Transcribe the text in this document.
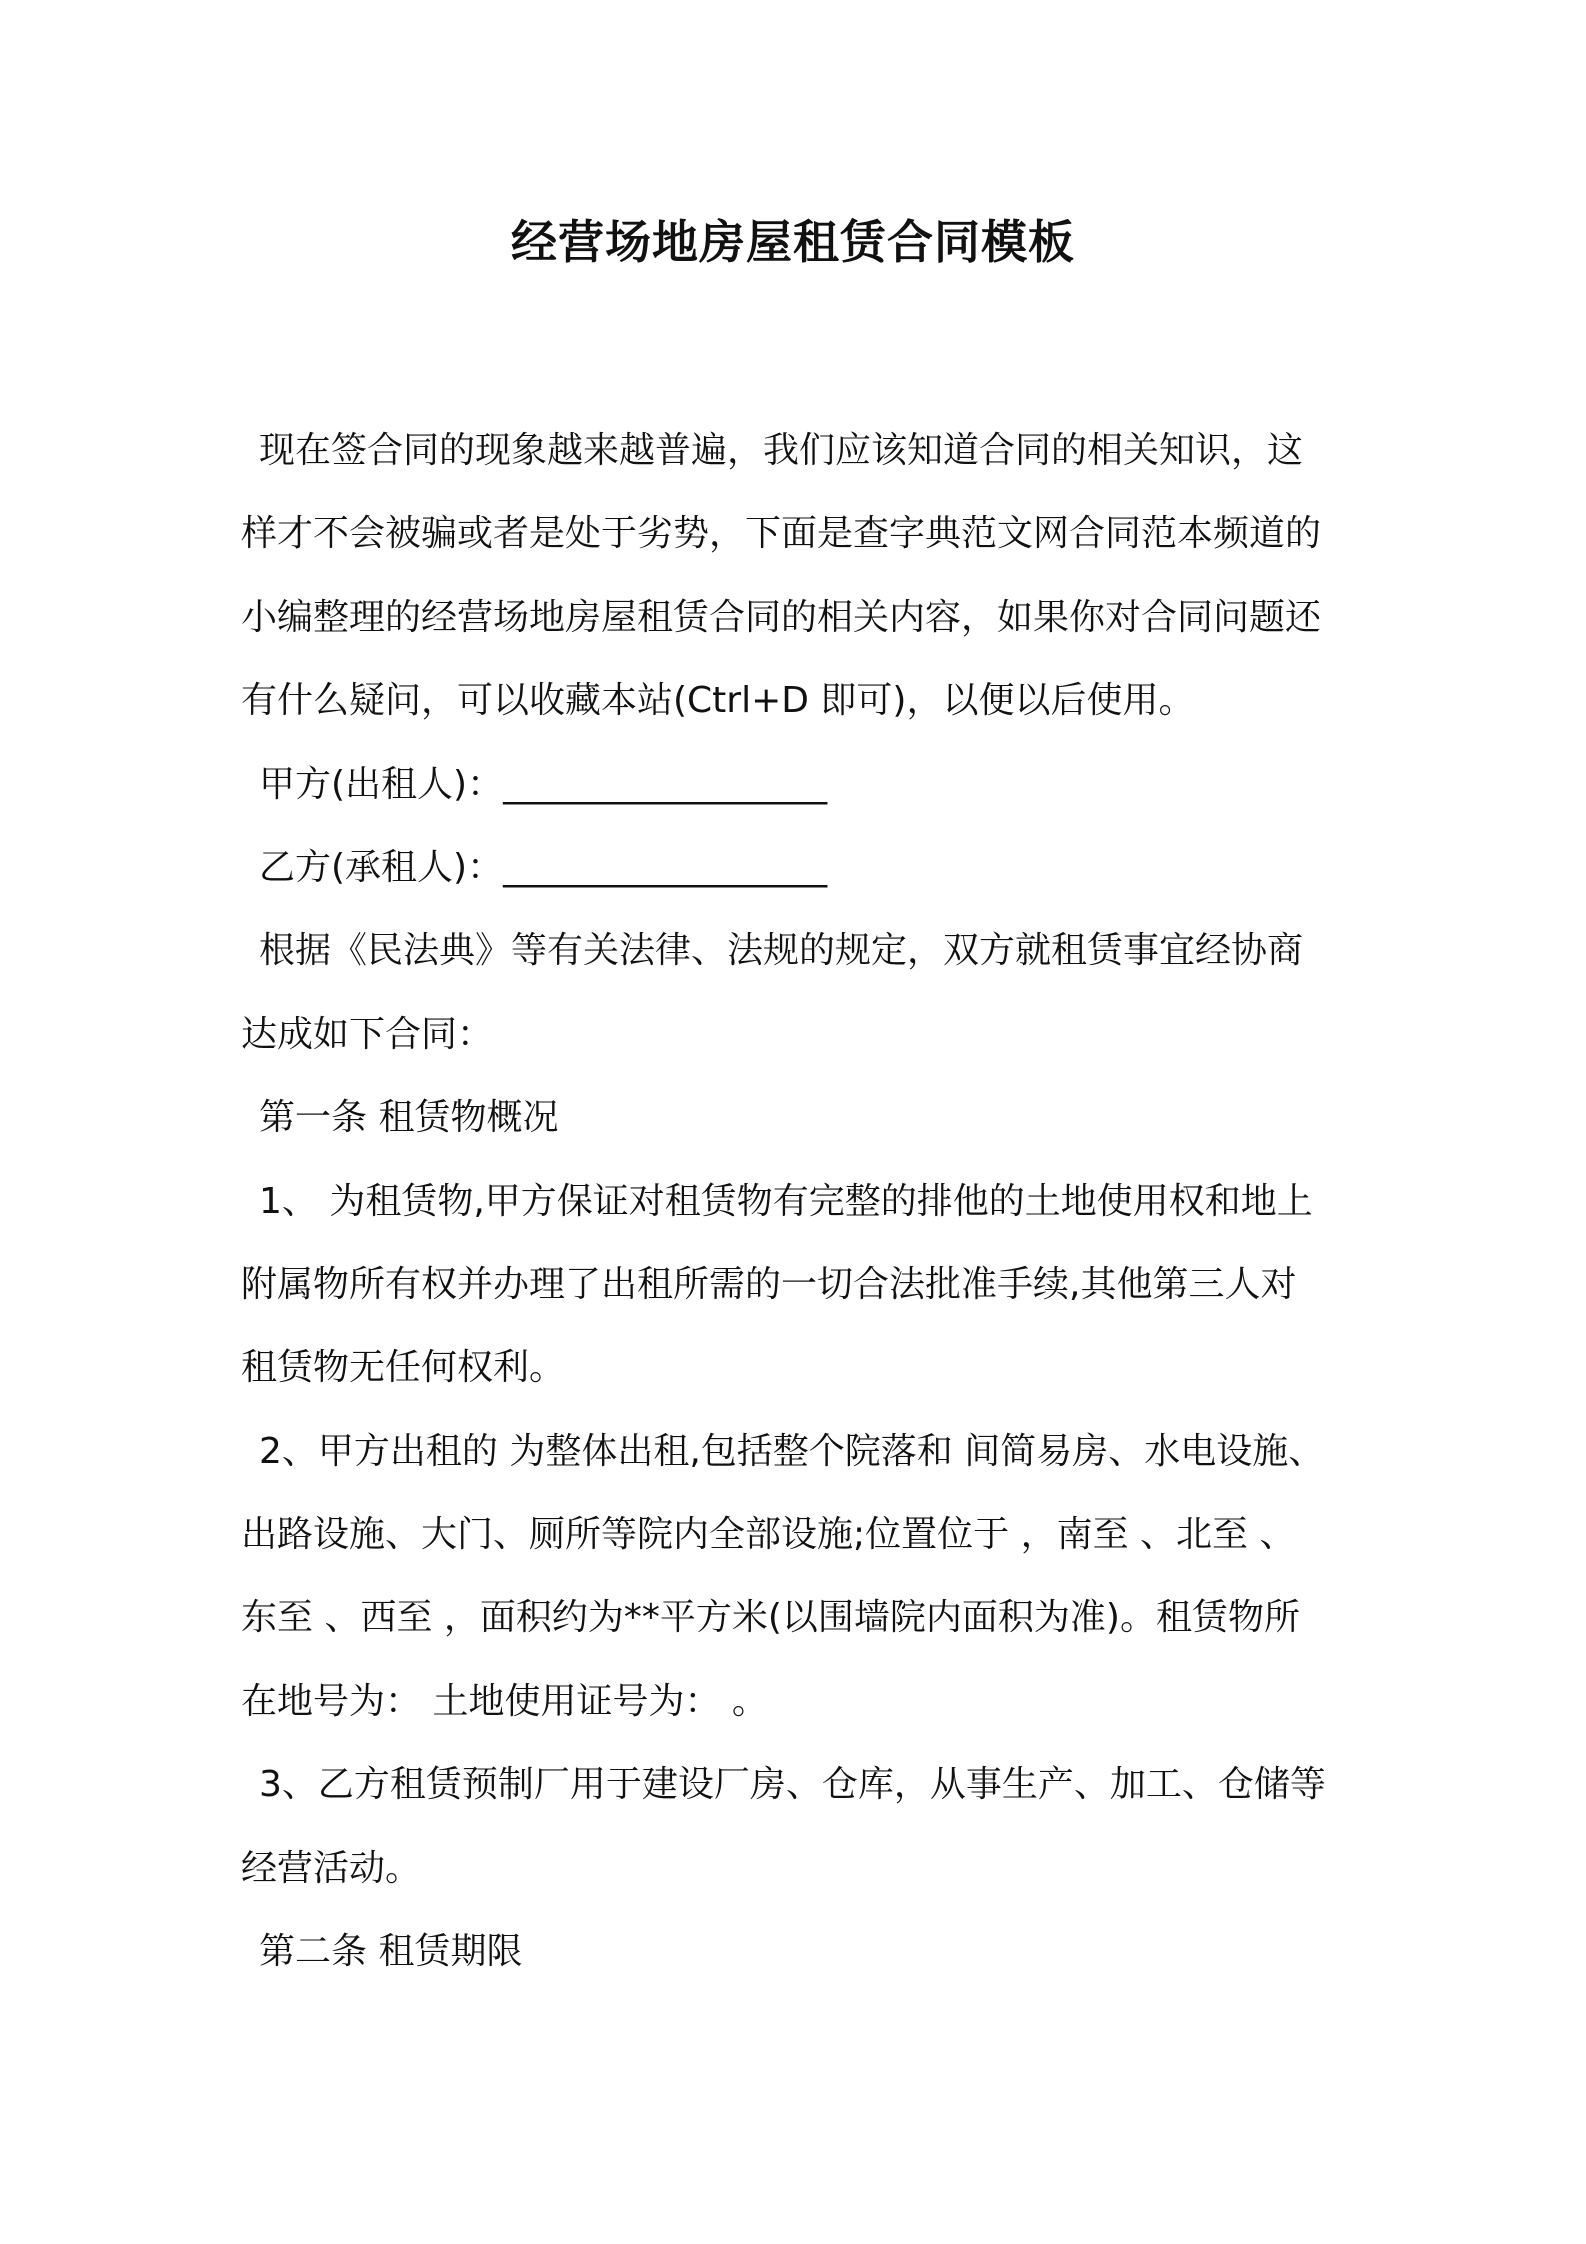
经营场地房屋租赁合同模板
现在签合同的现象越来越普遍，我们应该知道合同的相关知识，这
样才不会被骗或者是处于劣势，下面是查字典范文网合同范本频道的
小编整理的经营场地房屋租赁合同的相关内容，如果你对合同问题还
有什么疑问，可以收藏本站(Ctrl+D 即可)，以便以后使用。
甲方(出租人)：__________________
乙方(承租人)：__________________
根据《民法典》等有关法律、法规的规定，双方就租赁事宜经协商
达成如下合同：
第一条 租赁物概况
1、 为租赁物,甲方保证对租赁物有完整的排他的土地使用权和地上
附属物所有权并办理了出租所需的一切合法批准手续,其他第三人对
租赁物无任何权利。
2、甲方出租的 为整体出租,包括整个院落和 间简易房、水电设施、
出路设施、大门、厕所等院内全部设施;位置位于 ，南至 、北至 、
东至 、西至 ，面积约为**平方米(以围墙院内面积为准)。租赁物所
在地号为： 土地使用证号为： 。
3、乙方租赁预制厂用于建设厂房、仓库，从事生产、加工、仓储等
经营活动。
第二条 租赁期限
